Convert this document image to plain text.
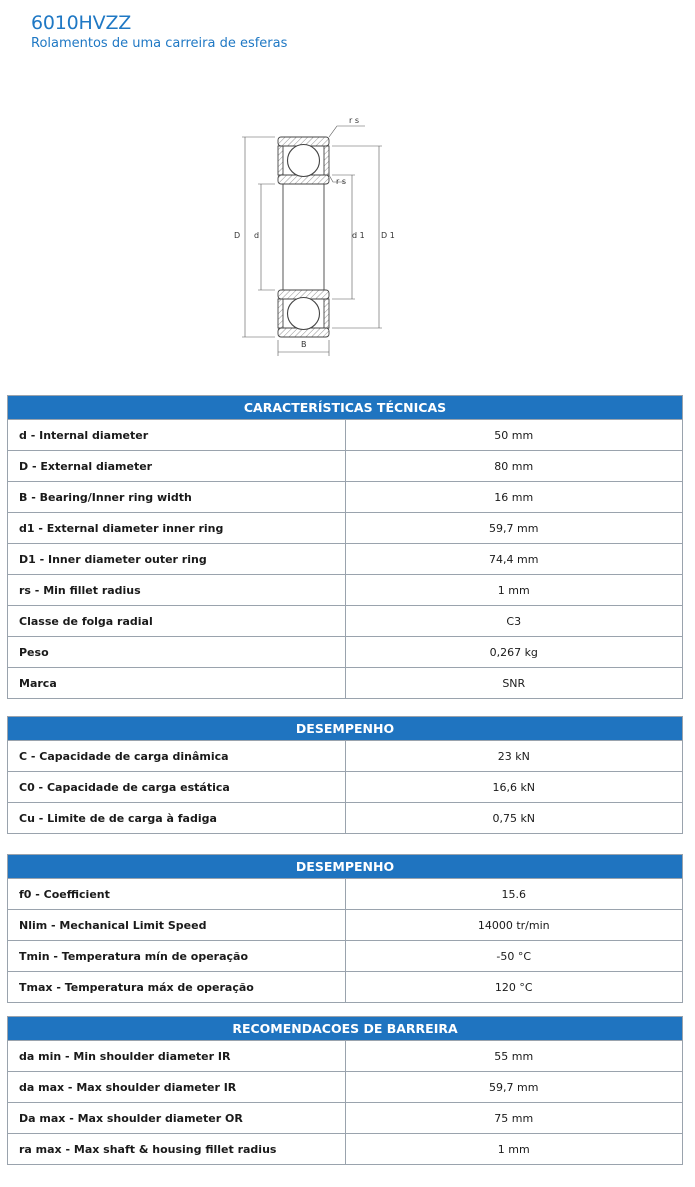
6010HVZZ
Rolamentos de uma carreira de esferas
r s
r s
D d	d 1 D 1
B
CARACTERÍSTICAS TÉCNICAS	
d - Internal diameter	50 mm
D - External diameter	80 mm
B - Bearing/Inner ring width	16 mm
d1 - External diameter inner ring	59,7 mm
D1 - Inner diameter outer ring	74,4 mm
rs - Min fillet radius	1 mm
Classe de folga radial	C3
Peso	0,267 kg
Marca	SNR
DESEMPENHO	
C - Capacidade de carga dinâmica	23 kN
C0 - Capacidade de carga estática	16,6 kN
Cu - Limite de de carga à fadiga	0,75 kN
DESEMPENHO	
f0 - Coefficient	15.6
Nlim - Mechanical Limit Speed	14000 tr/min
Tmin - Temperatura mín de operação	-50 °C
Tmax - Temperatura máx de operação	120 °C
RECOMENDACOES DE BARREIRA	
da min - Min shoulder diameter IR	55 mm
da max - Max shoulder diameter IR	59,7 mm
Da max - Max shoulder diameter OR	75 mm
ra max - Max shaft & housing fillet radius	1 mm
